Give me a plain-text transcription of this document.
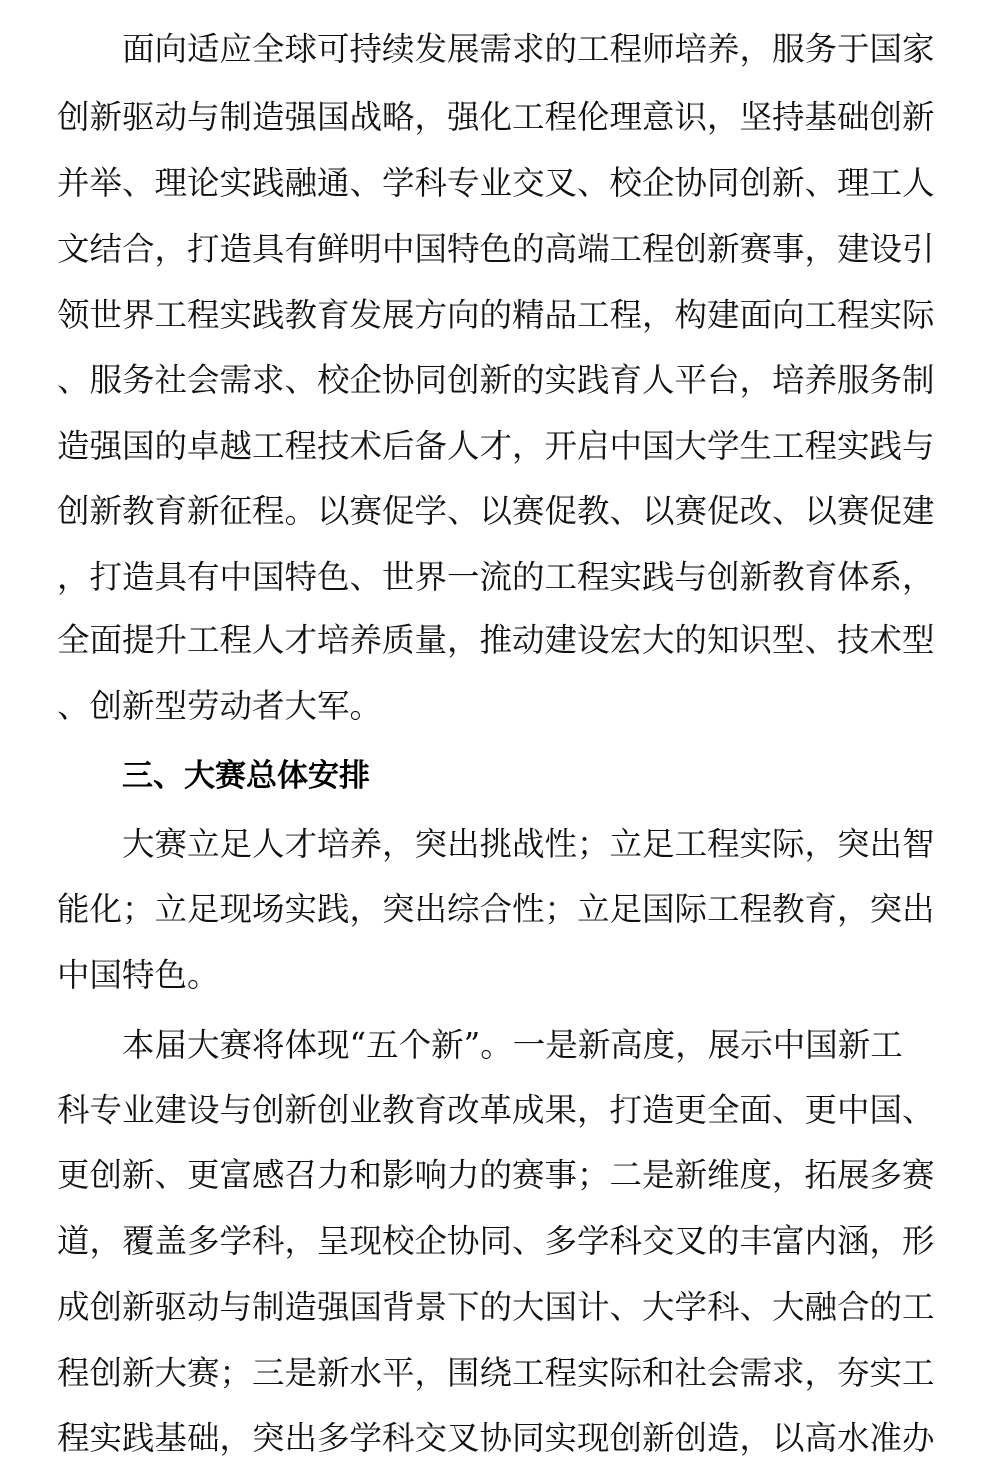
面向适应全球可持续发展需求的工程师培养，服务于国家
创新驱动与制造强国战略，强化工程伦理意识，坚持基础创新
并举、理论实践融通、学科专业交叉、校企协同创新、理工人
文结合，打造具有鲜明中国特色的高端工程创新赛事，建设引
领世界工程实践教育发展方向的精品工程，构建面向工程实际
、服务社会需求、校企协同创新的实践育人平台，培养服务制
造强国的卓越工程技术后备人才，开启中国大学生工程实践与
创新教育新征程。以赛促学、以赛促教、以赛促改、以赛促建
，打造具有中国特色、世界一流的工程实践与创新教育体系，
全面提升工程人才培养质量，推动建设宏大的知识型、技术型
、创新型劳动者大军。
三、大赛总体安排
大赛立足人才培养，突出挑战性；立足工程实际，突出智
能化；立足现场实践，突出综合性；立足国际工程教育，突出
中国特色。
本届大赛将体现“五个新”。一是新高度，展示中国新工
科专业建设与创新创业教育改革成果，打造更全面、更中国、
更创新、更富感召力和影响力的赛事；二是新维度，拓展多赛
道，覆盖多学科，呈现校企协同、多学科交叉的丰富内涵，形
成创新驱动与制造强国背景下的大国计、大学科、大融合的工
程创新大赛；三是新水平，围绕工程实际和社会需求，夯实工
程实践基础，突出多学科交叉协同实现创新创造，以高水准办
